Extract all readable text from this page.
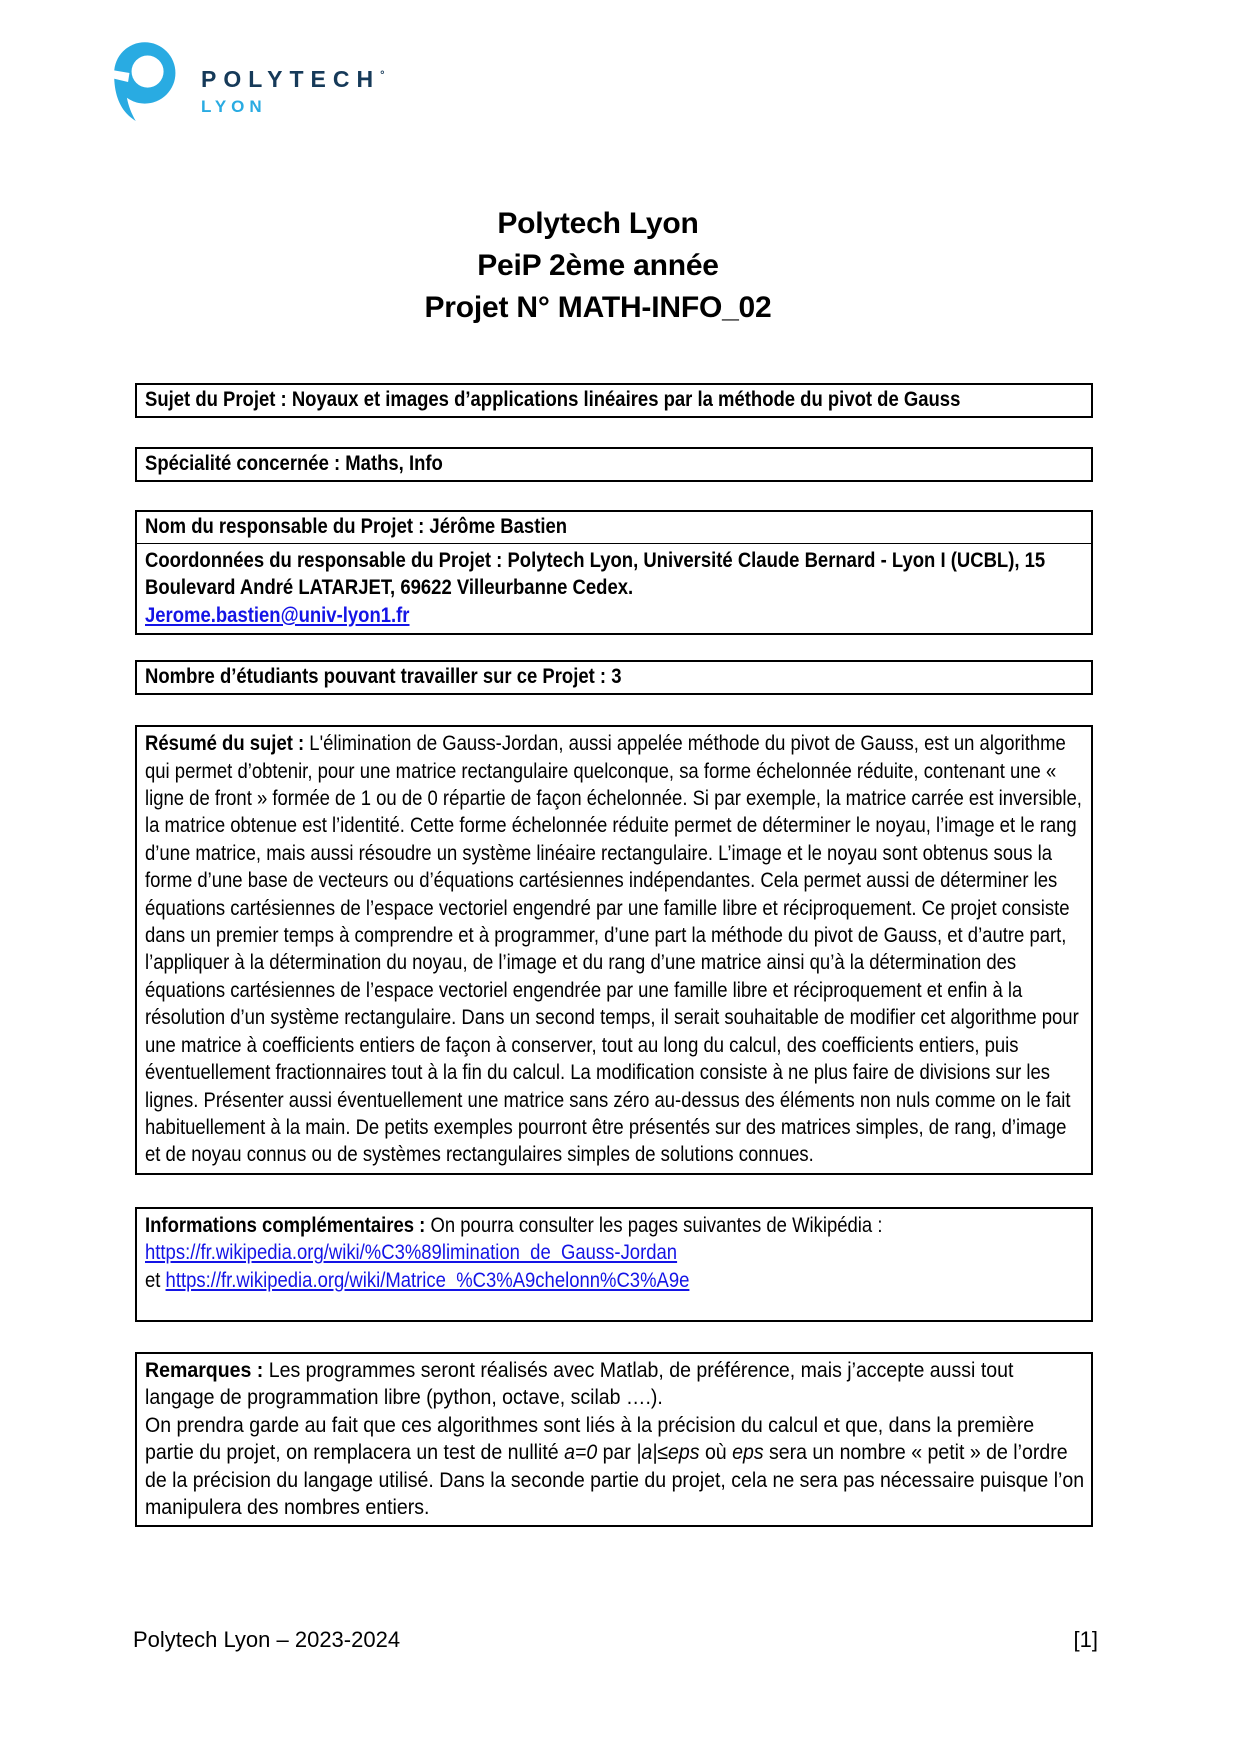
POLYTECH°
LYON
Polytech Lyon
PeiP 2ème année
Projet N° MATH-INFO_02
Sujet du Projet : Noyaux et images d’applications linéaires par la méthode du pivot de Gauss
Spécialité concernée : Maths, Info
Nom du responsable du Projet : Jérôme Bastien
Coordonnées du responsable du Projet : Polytech Lyon, Université Claude Bernard - Lyon I (UCBL), 15 Boulevard André LATARJET, 69622 Villeurbanne Cedex.
Jerome.bastien@univ-lyon1.fr
Nombre d’étudiants pouvant travailler sur ce Projet : 3
Résumé du sujet : L'élimination de Gauss-Jordan, aussi appelée méthode du pivot de Gauss, est un algorithme qui permet d’obtenir, pour une matrice rectangulaire quelconque, sa forme échelonnée réduite, contenant une « ligne de front » formée de 1 ou de 0 répartie de façon échelonnée. Si par exemple, la matrice carrée est inversible, la matrice obtenue est l’identité. Cette forme échelonnée réduite permet de déterminer le noyau, l’image et le rang d’une matrice, mais aussi résoudre un système linéaire rectangulaire. L’image et le noyau sont obtenus sous la forme d’une base de vecteurs ou d’équations cartésiennes indépendantes. Cela permet aussi de déterminer les équations cartésiennes de l’espace vectoriel engendré par une famille libre et réciproquement. Ce projet consiste dans un premier temps à comprendre et à programmer, d’une part la méthode du pivot de Gauss, et d’autre part, l’appliquer à la détermination du noyau, de l’image et du rang d’une matrice ainsi qu’à la détermination des équations cartésiennes de l’espace vectoriel engendrée par une famille libre et réciproquement et enfin à la résolution d’un système rectangulaire. Dans un second temps, il serait souhaitable de modifier cet algorithme pour une matrice à coefficients entiers de façon à conserver, tout au long du calcul, des coefficients entiers, puis éventuellement fractionnaires tout à la fin du calcul. La modification consiste à ne plus faire de divisions sur les lignes. Présenter aussi éventuellement une matrice sans zéro au-dessus des éléments non nuls comme on le fait habituellement à la main. De petits exemples pourront être présentés sur des matrices simples, de rang, d’image et de noyau connus ou de systèmes rectangulaires simples de solutions connues.
Informations complémentaires : On pourra consulter les pages suivantes de Wikipédia :
https://fr.wikipedia.org/wiki/%C3%89limination_de_Gauss-Jordan
et https://fr.wikipedia.org/wiki/Matrice_%C3%A9chelonn%C3%A9e
Remarques : Les programmes seront réalisés avec Matlab, de préférence, mais j’accepte aussi tout langage de programmation libre (python, octave, scilab ….).
On prendra garde au fait que ces algorithmes sont liés à la précision du calcul et que, dans la première partie du projet, on remplacera un test de nullité a=0 par |a|≤eps où eps sera un nombre « petit » de l’ordre de la précision du langage utilisé. Dans la seconde partie du projet, cela ne sera pas nécessaire puisque l’on manipulera des nombres entiers.
Polytech Lyon – 2023-2024	[1]
